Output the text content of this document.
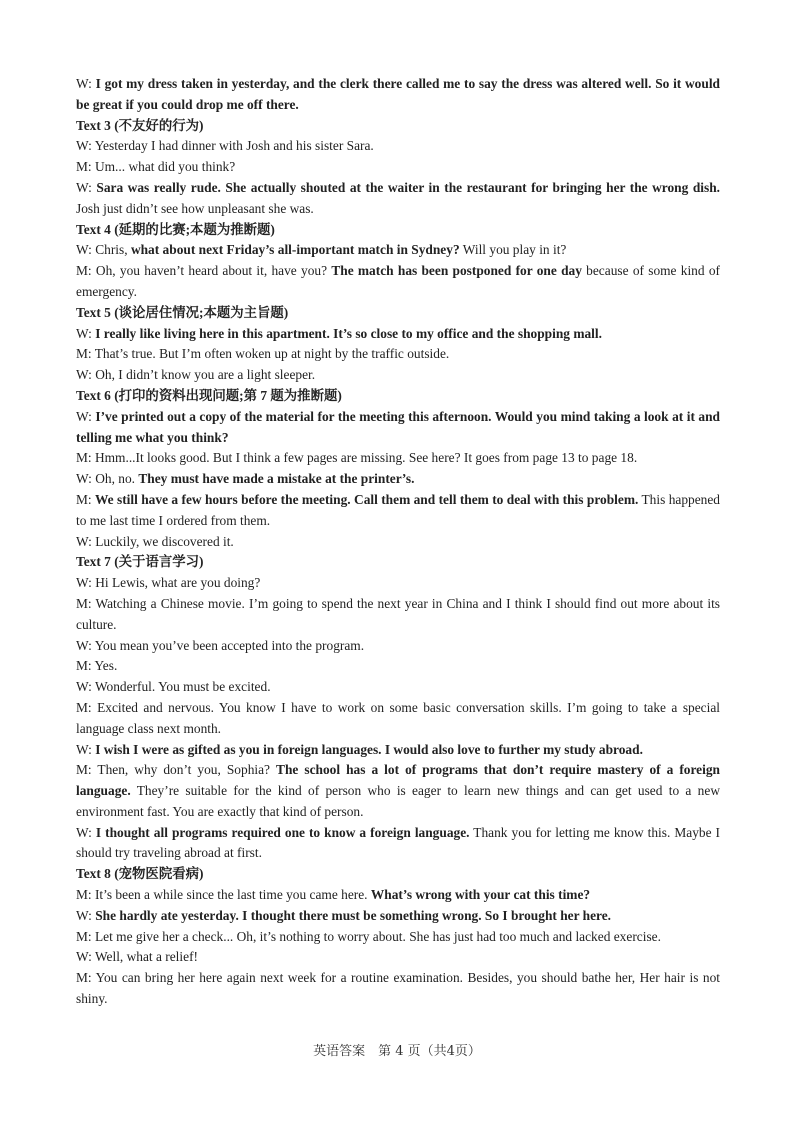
W: I got my dress taken in yesterday, and the clerk there called me to say the dress was altered well. So it would be great if you could drop me off there.

Text 3 (不友好的行为)

W: Yesterday I had dinner with Josh and his sister Sara.

M: Um... what did you think?

W: Sara was really rude. She actually shouted at the waiter in the restaurant for bringing her the wrong dish. Josh just didn’t see how unpleasant she was.

Text 4 (延期的比赛;本题为推断题)

W: Chris, what about next Friday’s all-important match in Sydney? Will you play in it?

M: Oh, you haven’t heard about it, have you? The match has been postponed for one day because of some kind of emergency.

Text 5 (谈论居住情况;本题为主旨题)

W: I really like living here in this apartment. It’s so close to my office and the shopping mall.

M: That’s true. But I’m often woken up at night by the traffic outside.

W: Oh, I didn’t know you are a light sleeper.

Text 6 (打印的资料出现问题;第 7 题为推断题)

W: I’ve printed out a copy of the material for the meeting this afternoon. Would you mind taking a look at it and telling me what you think?

M: Hmm...It looks good. But I think a few pages are missing. See here? It goes from page 13 to page 18.

W: Oh, no. They must have made a mistake at the printer’s.

M: We still have a few hours before the meeting. Call them and tell them to deal with this problem. This happened to me last time I ordered from them.

W: Luckily, we discovered it.

Text 7 (关于语言学习)

W: Hi Lewis, what are you doing?

M: Watching a Chinese movie. I’m going to spend the next year in China and I think I should find out more about its culture.

W: You mean you’ve been accepted into the program.

M: Yes.

W: Wonderful. You must be excited.

M: Excited and nervous. You know I have to work on some basic conversation skills. I’m going to take a special language class next month.

W: I wish I were as gifted as you in foreign languages. I would also love to further my study abroad.

M: Then, why don’t you, Sophia? The school has a lot of programs that don’t require mastery of a foreign language. They’re suitable for the kind of person who is eager to learn new things and can get used to a new environment fast. You are exactly that kind of person.

W: I thought all programs required one to know a foreign language. Thank you for letting me know this. Maybe I should try traveling abroad at first.

Text 8 (宠物医院看病)

M: It’s been a while since the last time you came here. What’s wrong with your cat this time?

W: She hardly ate yesterday. I thought there must be something wrong. So I brought her here.

M: Let me give her a check... Oh, it’s nothing to worry about. She has just had too much and lacked exercise.

W: Well, what a relief!

M: You can bring her here again next week for a routine examination. Besides, you should bathe her, Her hair is not shiny.

英语答案　第 4 页（共4页）
